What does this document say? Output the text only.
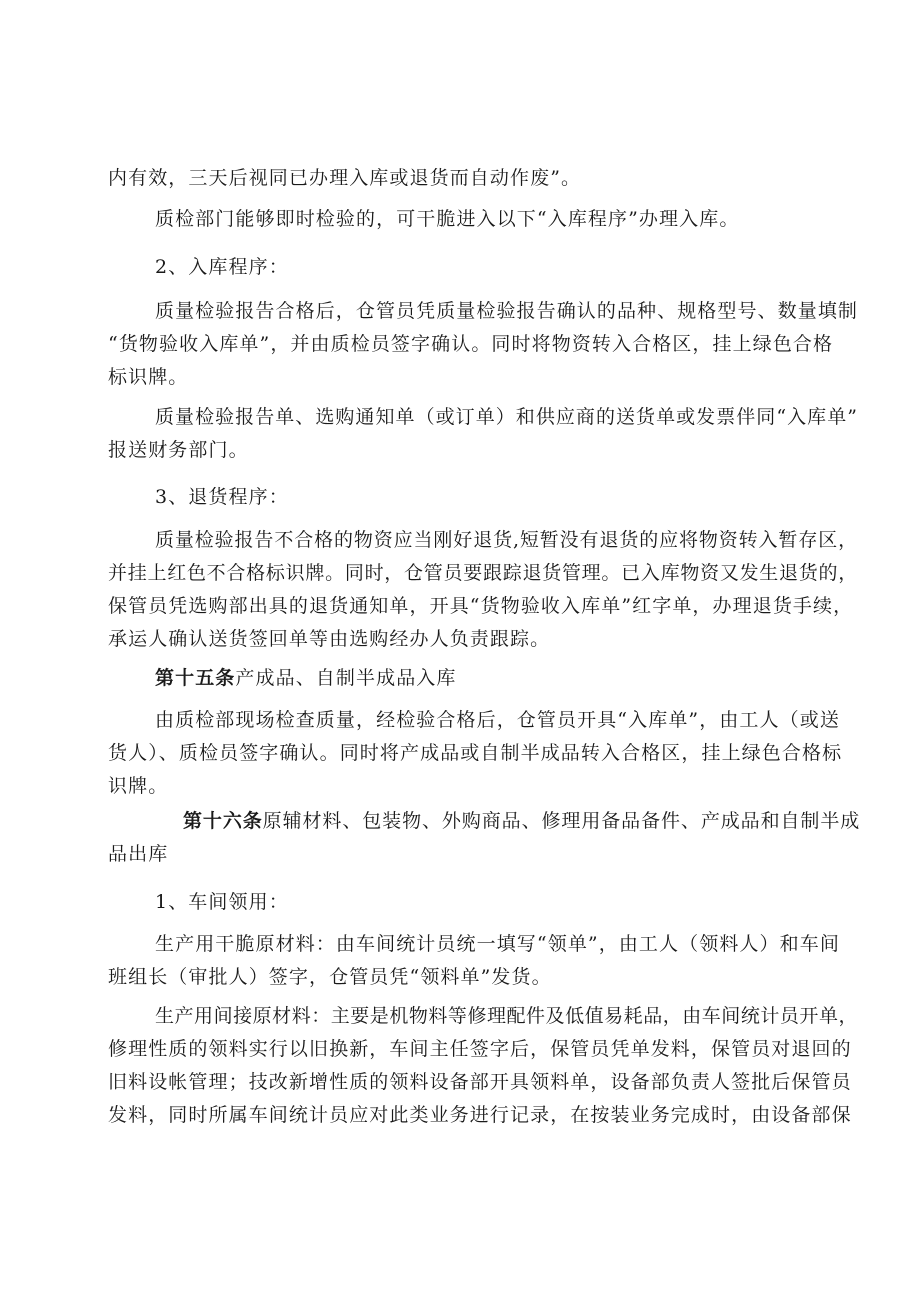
内有效，三天后视同已办理入库或退货而自动作废”。

质检部门能够即时检验的，可干脆进入以下“入库程序”办理入库。

2、入库程序：

质量检验报告合格后，仓管员凭质量检验报告确认的品种、规格型号、数量填制
“货物验收入库单”，并由质检员签字确认。同时将物资转入合格区，挂上绿色合格
标识牌。

质量检验报告单、选购通知单（或订单）和供应商的送货单或发票伴同“入库单”
报送财务部门。

3、退货程序：

质量检验报告不合格的物资应当刚好退货,短暂没有退货的应将物资转入暂存区，
并挂上红色不合格标识牌。同时，仓管员要跟踪退货管理。已入库物资又发生退货的，
保管员凭选购部出具的退货通知单，开具“货物验收入库单”红字单，办理退货手续，
承运人确认送货签回单等由选购经办人负责跟踪。

第十五条产成品、自制半成品入库

由质检部现场检查质量，经检验合格后，仓管员开具“入库单”，由工人（或送
货人）、质检员签字确认。同时将产成品或自制半成品转入合格区，挂上绿色合格标
识牌。

第十六条原辅材料、包装物、外购商品、修理用备品备件、产成品和自制半成
品出库

1、车间领用：

生产用干脆原材料：由车间统计员统一填写“领单”，由工人（领料人）和车间
班组长（审批人）签字，仓管员凭“领料单”发货。

生产用间接原材料：主要是机物料等修理配件及低值易耗品，由车间统计员开单，
修理性质的领料实行以旧换新，车间主任签字后，保管员凭单发料，保管员对退回的
旧料设帐管理；技改新增性质的领料设备部开具领料单，设备部负责人签批后保管员
发料，同时所属车间统计员应对此类业务进行记录，在按装业务完成时，由设备部保
